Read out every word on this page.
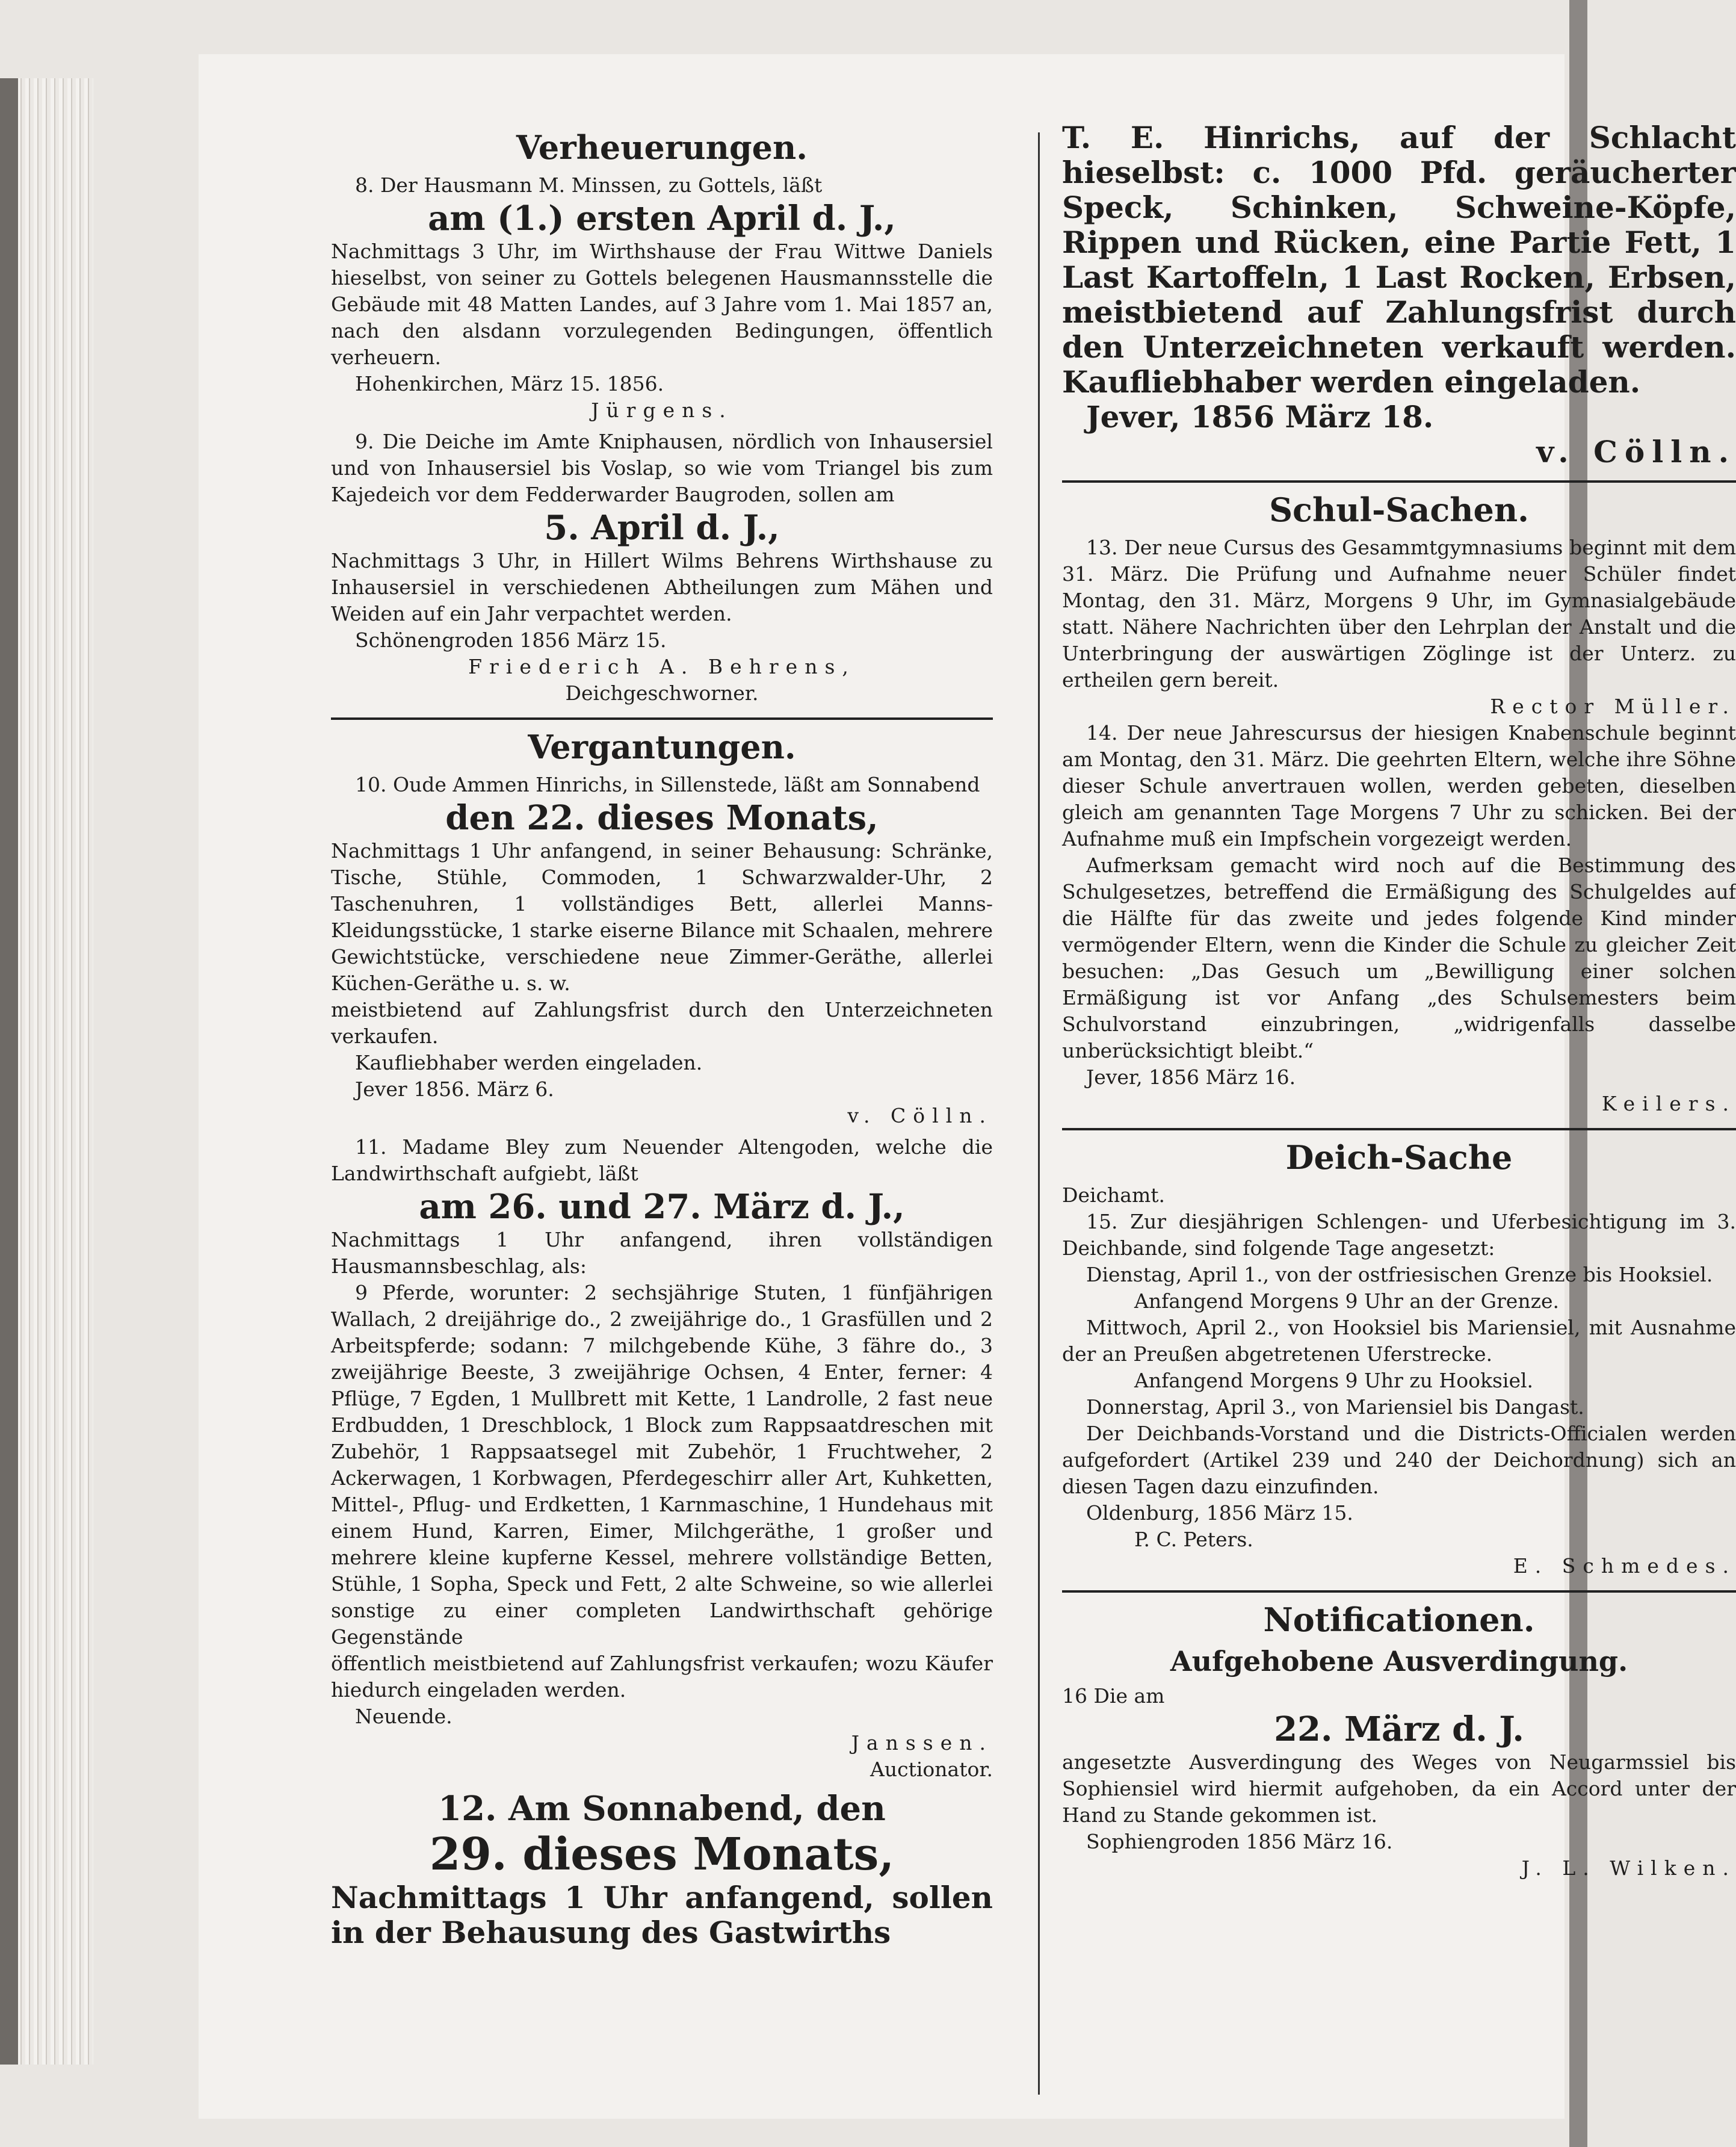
Verheuerungen.

8. Der Hausmann M. Minssen, zu Gottels, läßt

am (1.) ersten April d. J.,

Nachmittags 3 Uhr, im Wirthshause der Frau Wittwe Daniels hieselbst, von seiner zu Gottels belegenen Hausmannsstelle die Gebäude mit 48 Matten Landes, auf 3 Jahre vom 1. Mai 1857 an, nach den alsdann vorzulegenden Bedingungen, öffentlich verheuern.

Hohenkirchen, März 15. 1856.

Jürgens.

9. Die Deiche im Amte Kniphausen, nördlich von Inhausersiel und von Inhausersiel bis Voslap, so wie vom Triangel bis zum Kajedeich vor dem Fedderwarder Baugroden, sollen am

5. April d. J.,

Nachmittags 3 Uhr, in Hillert Wilms Behrens Wirthshause zu Inhausersiel in verschiedenen Abtheilungen zum Mähen und Weiden auf ein Jahr verpachtet werden.

Schönengroden 1856 März 15.

Friederich A. Behrens,

Deichgeschworner.

Vergantungen.

10. Oude Ammen Hinrichs, in Sillenstede, läßt am Sonnabend

den 22. dieses Monats,

Nachmittags 1 Uhr anfangend, in seiner Behausung: Schränke, Tische, Stühle, Commoden, 1 Schwarzwalder-Uhr, 2 Taschenuhren, 1 vollständiges Bett, allerlei Manns-Kleidungsstücke, 1 starke eiserne Bilance mit Schaalen, mehrere Gewichtstücke, verschiedene neue Zimmer-Geräthe, allerlei Küchen-Geräthe u. s. w.

meistbietend auf Zahlungsfrist durch den Unterzeichneten verkaufen.

Kaufliebhaber werden eingeladen.

Jever 1856. März 6.

v. Cölln.

11. Madame Bley zum Neuender Altengoden, welche die Landwirthschaft aufgiebt, läßt

am 26. und 27. März d. J.,

Nachmittags 1 Uhr anfangend, ihren vollständigen Hausmannsbeschlag, als:

9 Pferde, worunter: 2 sechsjährige Stuten, 1 fünfjährigen Wallach, 2 dreijährige do., 2 zweijährige do., 1 Grasfüllen und 2 Arbeitspferde; sodann: 7 milchgebende Kühe, 3 fähre do., 3 zweijährige Beeste, 3 zweijährige Ochsen, 4 Enter, ferner: 4 Pflüge, 7 Egden, 1 Mullbrett mit Kette, 1 Landrolle, 2 fast neue Erdbudden, 1 Dreschblock, 1 Block zum Rappsaatdreschen mit Zubehör, 1 Rappsaatsegel mit Zubehör, 1 Fruchtweher, 2 Ackerwagen, 1 Korbwagen, Pferdegeschirr aller Art, Kuhketten, Mittel-, Pflug- und Erdketten, 1 Karnmaschine, 1 Hundehaus mit einem Hund, Karren, Eimer, Milchgeräthe, 1 großer und mehrere kleine kupferne Kessel, mehrere vollständige Betten, Stühle, 1 Sopha, Speck und Fett, 2 alte Schweine, so wie allerlei sonstige zu einer completen Landwirthschaft gehörige Gegenstände

öffentlich meistbietend auf Zahlungsfrist verkaufen; wozu Käufer hiedurch eingeladen werden.

Neuende.

Janssen.

Auctionator.

12. Am Sonnabend, den

29. dieses Monats,

Nachmittags 1 Uhr anfangend, sollen in der Behausung des Gastwirths

T. E. Hinrichs, auf der Schlacht hieselbst: c. 1000 Pfd. geräucherter Speck, Schinken, Schweine-Köpfe, Rippen und Rücken, eine Partie Fett, 1 Last Kartoffeln, 1 Last Rocken, Erbsen, meistbietend auf Zahlungsfrist durch den Unterzeichneten verkauft werden. Kaufliebhaber werden eingeladen.

Jever, 1856 März 18.

v. Cölln.

Schul-Sachen.

13. Der neue Cursus des Gesammtgymnasiums beginnt mit dem 31. März. Die Prüfung und Aufnahme neuer Schüler findet Montag, den 31. März, Morgens 9 Uhr, im Gymnasialgebäude statt. Nähere Nachrichten über den Lehrplan der Anstalt und die Unterbringung der auswärtigen Zöglinge ist der Unterz. zu ertheilen gern bereit.

Rector Müller.

14. Der neue Jahrescursus der hiesigen Knabenschule beginnt am Montag, den 31. März. Die geehrten Eltern, welche ihre Söhne dieser Schule anvertrauen wollen, werden gebeten, dieselben gleich am genannten Tage Morgens 7 Uhr zu schicken. Bei der Aufnahme muß ein Impfschein vorgezeigt werden.

Aufmerksam gemacht wird noch auf die Bestimmung des Schulgesetzes, betreffend die Ermäßigung des Schulgeldes auf die Hälfte für das zweite und jedes folgende Kind minder vermögender Eltern, wenn die Kinder die Schule zu gleicher Zeit besuchen: „Das Gesuch um „Bewilligung einer solchen Ermäßigung ist vor Anfang „des Schulsemesters beim Schulvorstand einzubringen, „widrigenfalls dasselbe unberücksichtigt bleibt.“

Jever, 1856 März 16.

Keilers.

Deich-Sache

Deichamt.

15. Zur diesjährigen Schlengen- und Uferbesichtigung im 3. Deichbande, sind folgende Tage angesetzt:

Dienstag, April 1., von der ostfriesischen Grenze bis Hooksiel.

Anfangend Morgens 9 Uhr an der Grenze.

Mittwoch, April 2., von Hooksiel bis Mariensiel, mit Ausnahme der an Preußen abgetretenen Uferstrecke.

Anfangend Morgens 9 Uhr zu Hooksiel.

Donnerstag, April 3., von Mariensiel bis Dangast.

Der Deichbands-Vorstand und die Districts-Officialen werden aufgefordert (Artikel 239 und 240 der Deichordnung) sich an diesen Tagen dazu einzufinden.

Oldenburg, 1856 März 15.

P. C. Peters.

E. Schmedes.

Notificationen.
Aufgehobene Ausverdingung.

16 Die am

22. März d. J.

angesetzte Ausverdingung des Weges von Neugarmssiel bis Sophiensiel wird hiermit aufgehoben, da ein Accord unter der Hand zu Stande gekommen ist.

Sophiengroden 1856 März 16.

J. L. Wilken.
